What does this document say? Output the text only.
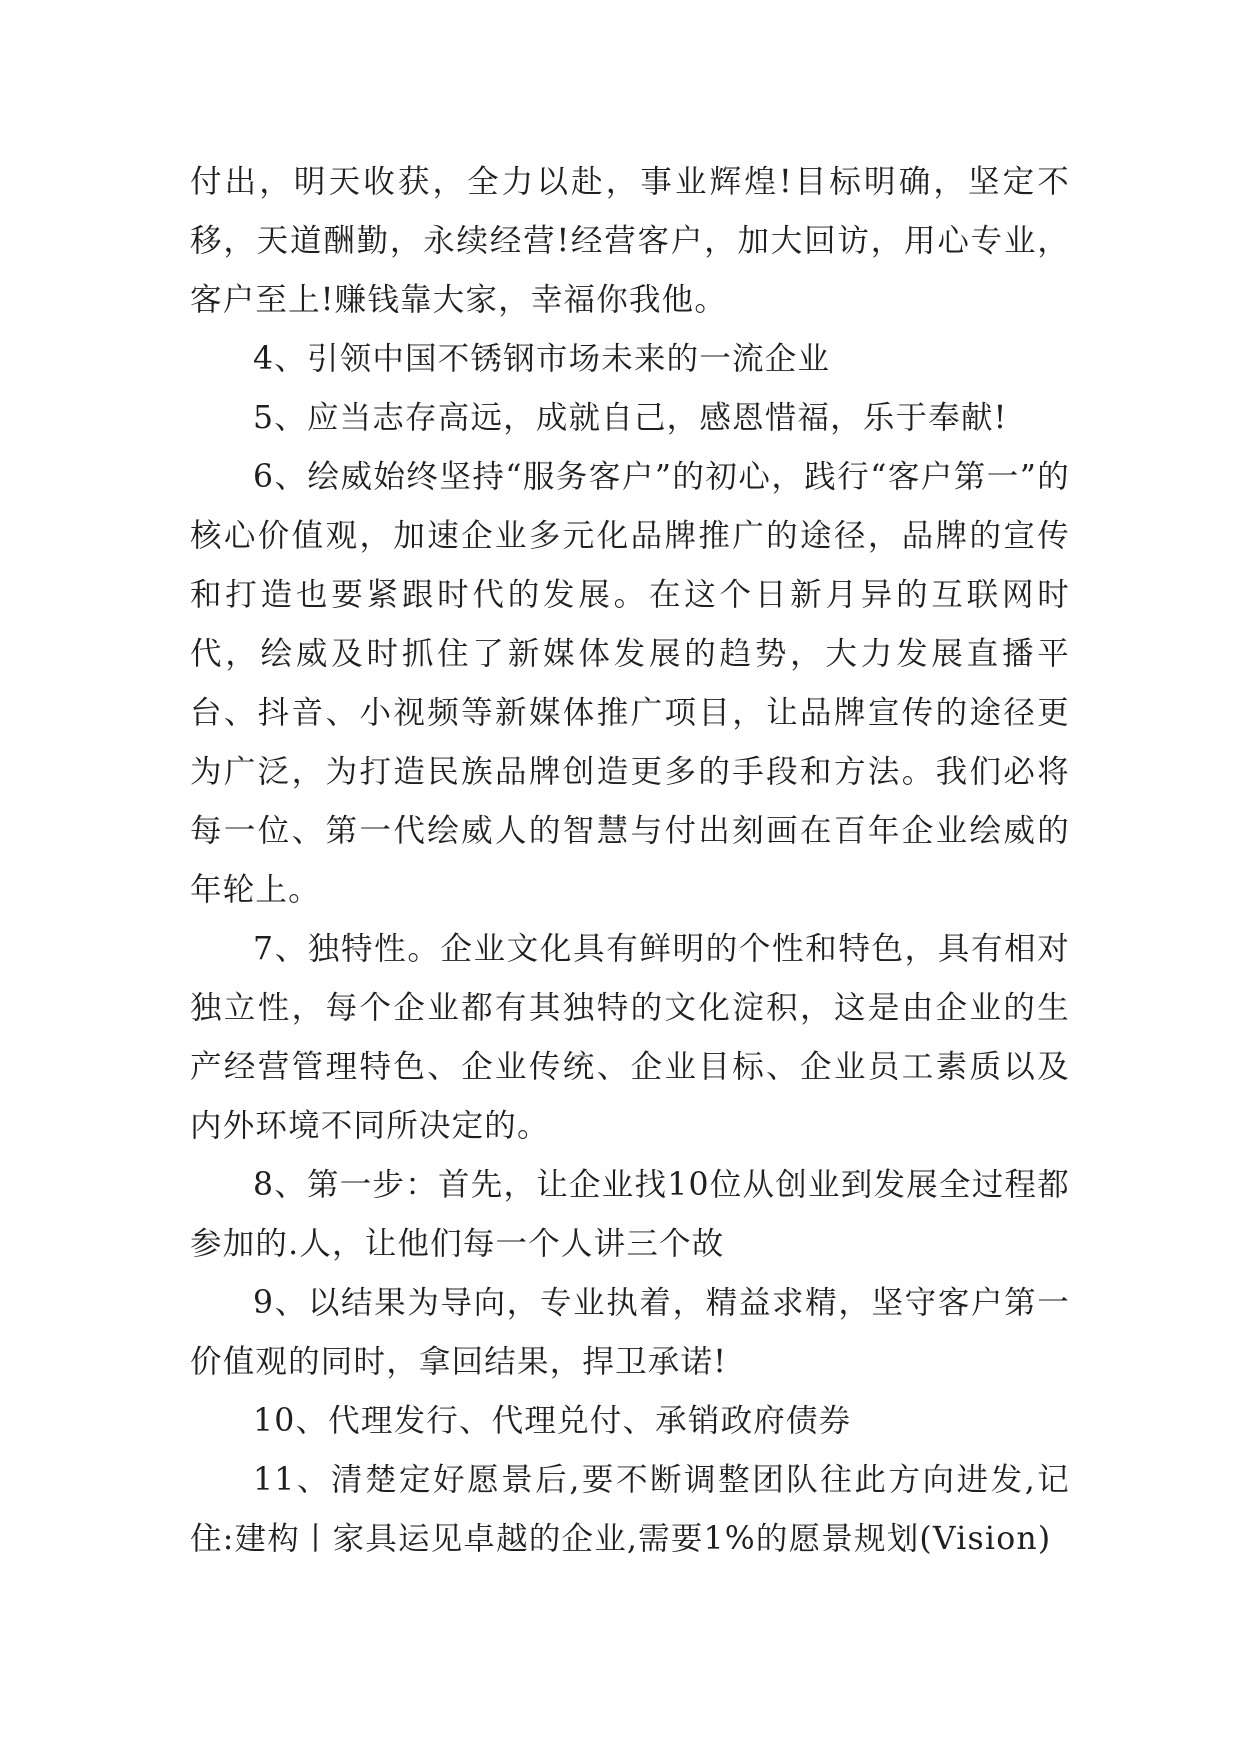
付出，明天收获，全力以赴，事业辉煌!目标明确，坚定不移，天道酬勤，永续经营!经营客户，加大回访，用心专业，客户至上!赚钱靠大家，幸福你我他。

4、引领中国不锈钢市场未来的一流企业

5、应当志存高远，成就自己，感恩惜福，乐于奉献!

6、绘威始终坚持“服务客户”的初心，践行“客户第一”的核心价值观，加速企业多元化品牌推广的途径，品牌的宣传和打造也要紧跟时代的发展。在这个日新月异的互联网时代，绘威及时抓住了新媒体发展的趋势，大力发展直播平台、抖音、小视频等新媒体推广项目，让品牌宣传的途径更为广泛，为打造民族品牌创造更多的手段和方法。我们必将每一位、第一代绘威人的智慧与付出刻画在百年企业绘威的年轮上。

7、独特性。企业文化具有鲜明的个性和特色，具有相对独立性，每个企业都有其独特的文化淀积，这是由企业的生产经营管理特色、企业传统、企业目标、企业员工素质以及内外环境不同所决定的。

8、第一步：首先，让企业找10位从创业到发展全过程都参加的.人，让他们每一个人讲三个故

9、以结果为导向，专业执着，精益求精，坚守客户第一价值观的同时，拿回结果，捍卫承诺!

10、代理发行、代理兑付、承销政府债券

11、清楚定好愿景后,要不断调整团队往此方向进发,记住:建构丨家具运见卓越的企业,需要1%的愿景规划(Vision)
